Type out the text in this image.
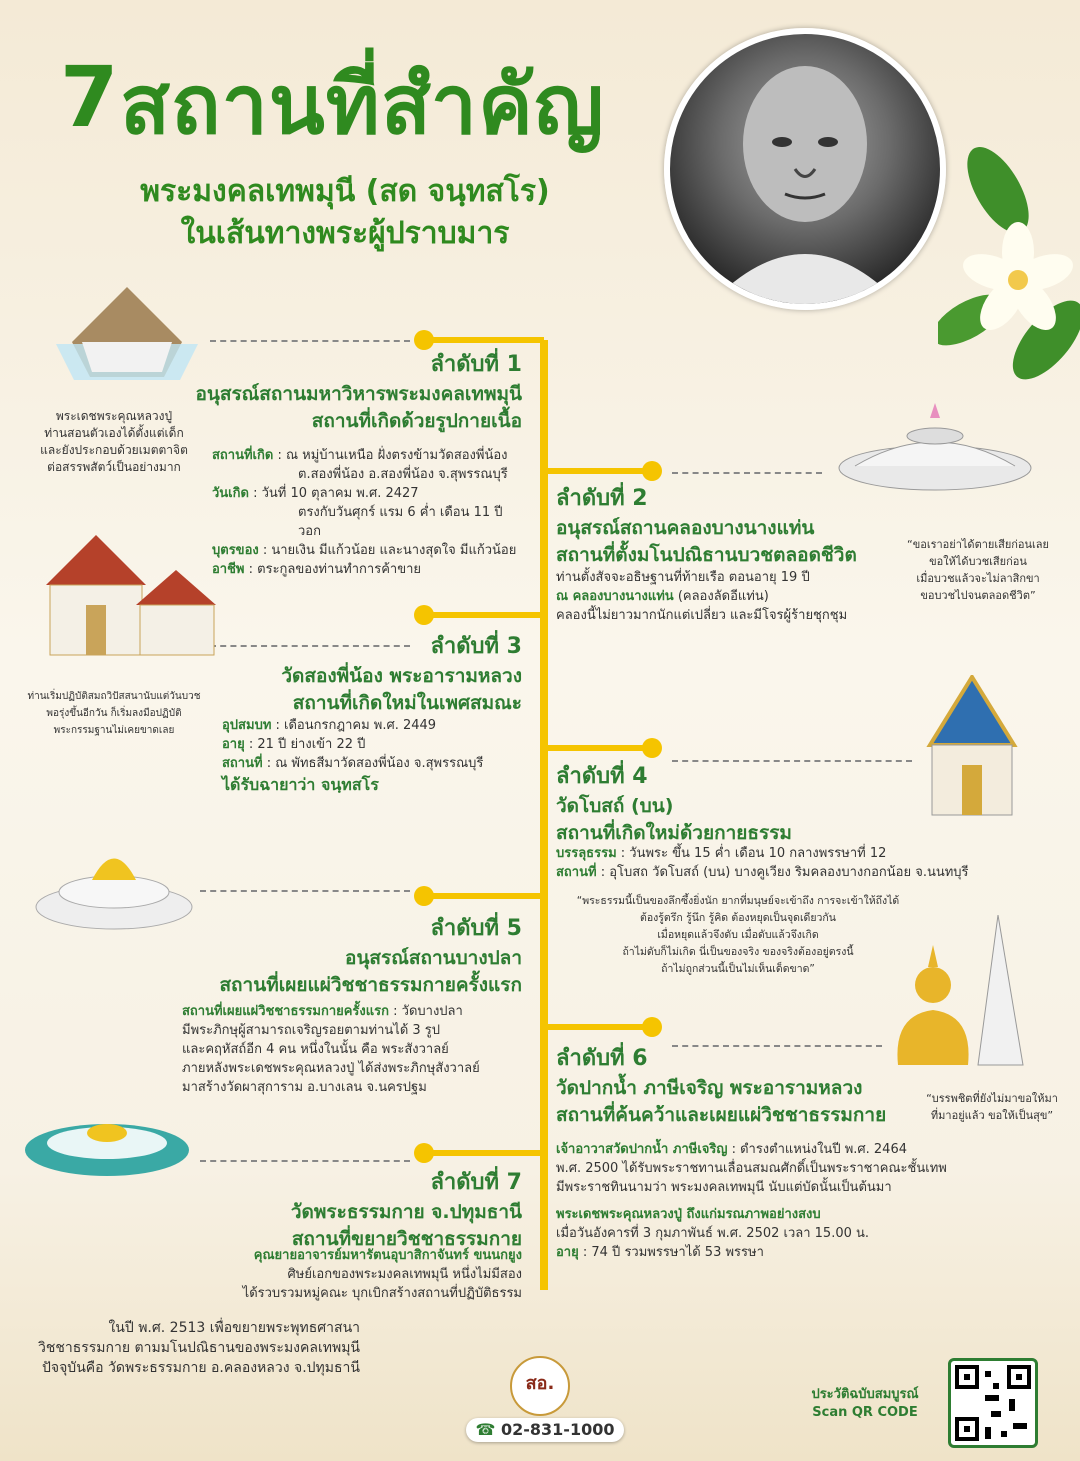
7 สถานที่สำคัญ
พระมงคลเทพมุนี (สด จนฺทสโร)
ในเส้นทางพระผู้ปราบมาร
พระเดชพระคุณหลวงปู่
ท่านสอนตัวเองได้ตั้งแต่เด็ก
และยังประกอบด้วยเมตตาจิต
ต่อสรรพสัตว์เป็นอย่างมาก
ท่านเริ่มปฏิบัติสมถวิปัสสนานับแต่วันบวช
พอรุ่งขึ้นอีกวัน ก็เริ่มลงมือปฏิบัติ
พระกรรมฐานไม่เคยขาดเลย
“ขอเราอย่าได้ตายเสียก่อนเลย
ขอให้ได้บวชเสียก่อน
เมื่อบวชแล้วจะไม่ลาสิกขา
ขอบวชไปจนตลอดชีวิต”
“พระธรรมนี้เป็นของลึกซึ้งยิ่งนัก ยากที่มนุษย์จะเข้าถึง การจะเข้าให้ถึงได้
ต้องรู้ตรึก รู้นึก รู้คิด ต้องหยุดเป็นจุดเดียวกัน
เมื่อหยุดแล้วจึงดับ เมื่อดับแล้วจึงเกิด
ถ้าไม่ดับก็ไม่เกิด นี่เป็นของจริง ของจริงต้องอยู่ตรงนี้
ถ้าไม่ถูกส่วนนี้เป็นไม่เห็นเด็ดขาด”
“บรรพชิตที่ยังไม่มาขอให้มา
ที่มาอยู่แล้ว ขอให้เป็นสุข”
ลำดับที่ 1
อนุสรณ์สถานมหาวิหารพระมงคลเทพมุนี
สถานที่เกิดด้วยรูปกายเนื้อ
สถานที่เกิด : ณ หมู่บ้านเหนือ ฝั่งตรงข้ามวัดสองพี่น้อง
ต.สองพี่น้อง อ.สองพี่น้อง จ.สุพรรณบุรี
วันเกิด : วันที่ 10 ตุลาคม พ.ศ. 2427
ตรงกับวันศุกร์ แรม 6 ค่ำ เดือน 11 ปีวอก
บุตรของ : นายเงิน มีแก้วน้อย และนางสุดใจ มีแก้วน้อย
อาชีพ : ตระกูลของท่านทำการค้าขาย
ลำดับที่ 2
อนุสรณ์สถานคลองบางนางแท่น
สถานที่ตั้งมโนปณิธานบวชตลอดชีวิต
ท่านตั้งสัจจะอธิษฐานที่ท้ายเรือ ตอนอายุ 19 ปี
ณ คลองบางนางแท่น (คลองลัดอีแท่น)
คลองนี้ไม่ยาวมากนักแต่เปลี่ยว และมีโจรผู้ร้ายชุกชุม
ลำดับที่ 3
วัดสองพี่น้อง พระอารามหลวง
สถานที่เกิดใหม่ในเพศสมณะ
อุปสมบท : เดือนกรกฎาคม พ.ศ. 2449
อายุ : 21 ปี ย่างเข้า 22 ปี
สถานที่ : ณ พัทธสีมาวัดสองพี่น้อง จ.สุพรรณบุรี
ได้รับฉายาว่า จนฺทสโร	ลำดับที่ 4
วัดโบสถ์ (บน)
สถานที่เกิดใหม่ด้วยกายธรรม
บรรลุธรรม : วันพระ ขึ้น 15 ค่ำ เดือน 10 กลางพรรษาที่ 12
สถานที่ : อุโบสถ วัดโบสถ์ (บน) บางคูเวียง ริมคลองบางกอกน้อย จ.นนทบุรี
ลำดับที่ 5
อนุสรณ์สถานบางปลา
สถานที่เผยแผ่วิชชาธรรมกายครั้งแรก
สถานที่เผยแผ่วิชชาธรรมกายครั้งแรก : วัดบางปลา
มีพระภิกษุผู้สามารถเจริญรอยตามท่านได้ 3 รูป
และคฤหัสถ์อีก 4 คน หนึ่งในนั้น คือ พระสังวาลย์
ภายหลังพระเดชพระคุณหลวงปู่ ได้ส่งพระภิกษุสังวาลย์
มาสร้างวัดผาสุการาม อ.บางเลน จ.นครปฐม
ลำดับที่ 6
วัดปากน้ำ ภาษีเจริญ พระอารามหลวง
สถานที่ค้นคว้าและเผยแผ่วิชชาธรรมกาย
เจ้าอาวาสวัดปากน้ำ ภาษีเจริญ : ดำรงตำแหน่งในปี พ.ศ. 2464
พ.ศ. 2500 ได้รับพระราชทานเลื่อนสมณศักดิ์เป็นพระราชาคณะชั้นเทพ
มีพระราชทินนามว่า พระมงคลเทพมุนี นับแต่บัดนั้นเป็นต้นมา
พระเดชพระคุณหลวงปู่ ถึงแก่มรณภาพอย่างสงบ
เมื่อวันอังคารที่ 3 กุมภาพันธ์ พ.ศ. 2502 เวลา 15.00 น.
อายุ : 74 ปี รวมพรรษาได้ 53 พรรษา
ลำดับที่ 7
วัดพระธรรมกาย จ.ปทุมธานี
สถานที่ขยายวิชชาธรรมกาย
คุณยายอาจารย์มหารัตนอุบาสิกาจันทร์ ขนนกยูง
ศิษย์เอกของพระมงคลเทพมุนี หนึ่งไม่มีสอง
ได้รวบรวมหมู่คณะ บุกเบิกสร้างสถานที่ปฏิบัติธรรม
ในปี พ.ศ. 2513 เพื่อขยายพระพุทธศาสนา
วิชชาธรรมกาย ตามมโนปณิธานของพระมงคลเทพมุนี
ปัจจุบันคือ วัดพระธรรมกาย อ.คลองหลวง จ.ปทุมธานี
สอ.
☎ 02-831-1000
ประวัติฉบับสมบูรณ์
Scan QR CODE
